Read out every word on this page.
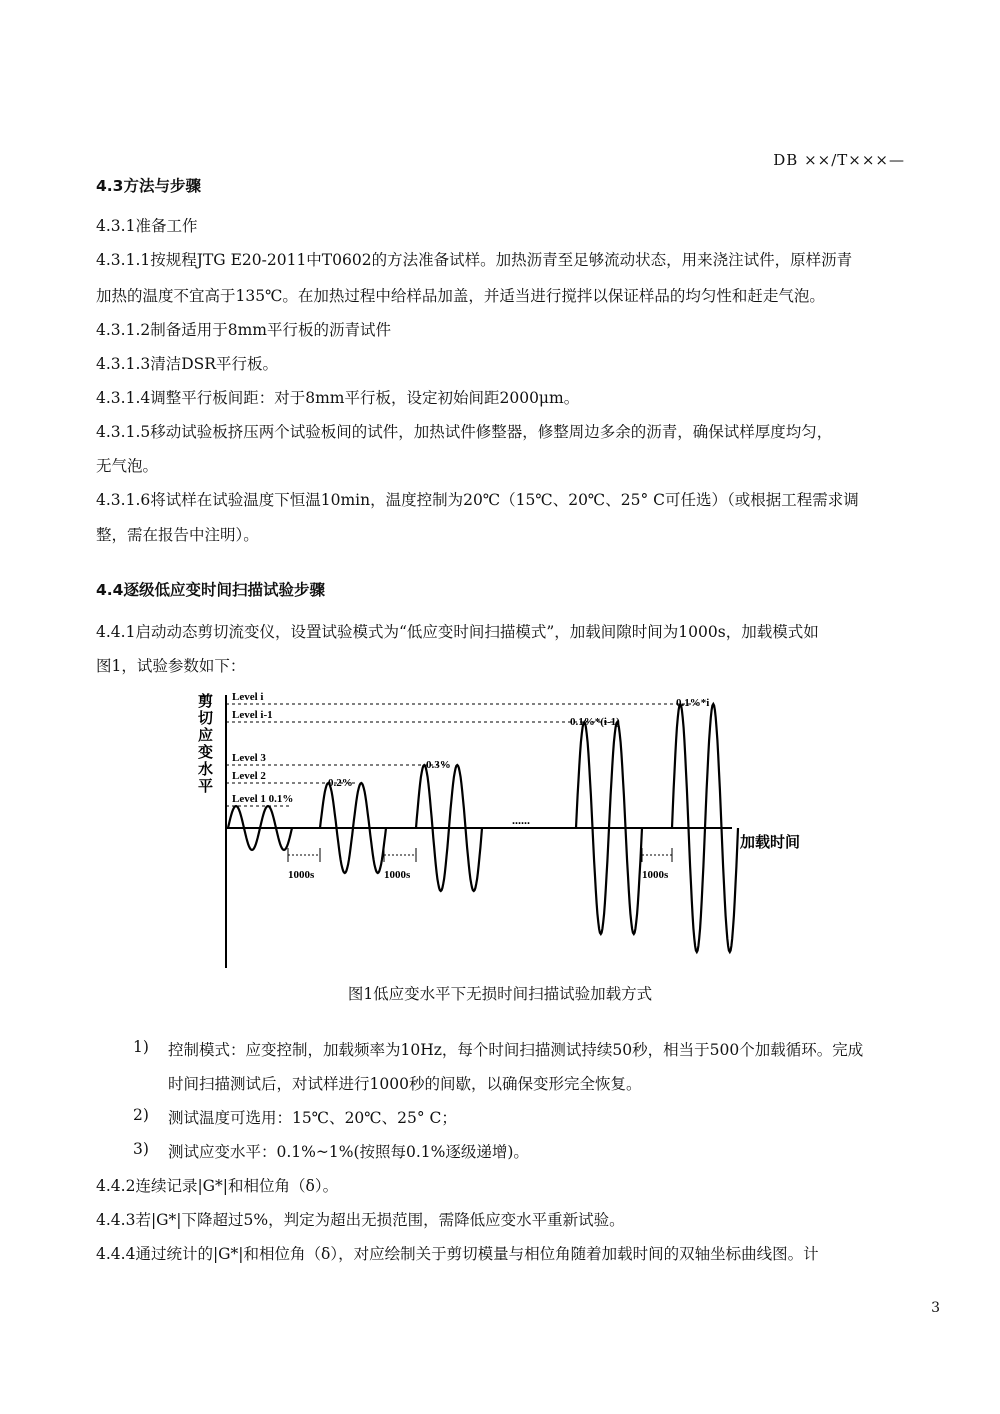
DB ××/T×××—
4.3方法与步骤
4.3.1准备工作
4.3.1.1按规程JTG E20-2011中T0602的方法准备试样。加热沥青至足够流动状态，用来浇注试件，原样沥青
加热的温度不宜高于135℃。在加热过程中给样品加盖，并适当进行搅拌以保证样品的均匀性和赶走气泡。
4.3.1.2制备适用于8mm平行板的沥青试件
4.3.1.3清洁DSR平行板。
4.3.1.4调整平行板间距：对于8mm平行板，设定初始间距2000μm。
4.3.1.5移动试验板挤压两个试验板间的试件，加热试件修整器，修整周边多余的沥青，确保试样厚度均匀，
无气泡。
4.3.1.6将试样在试验温度下恒温10min，温度控制为20℃（15℃、20℃、25° C可任选）（或根据工程需求调
整，需在报告中注明）。
4.4逐级低应变时间扫描试验步骤
4.4.1启动动态剪切流变仪，设置试验模式为“低应变时间扫描模式”，加载间隙时间为1000s，加载模式如
图1，试验参数如下：
剪
切
应
变
水
平
加载时间
Level i
Level i-1
Level 3
Level 2
Level 1 0.1%
0.2%
0.3%
0.1%*(i-1)
0.1%*i
1000s	1000s	1000s
......
图1低应变水平下无损时间扫描试验加载方式
1) 控制模式：应变控制，加载频率为10Hz，每个时间扫描测试持续50秒，相当于500个加载循环。完成
时间扫描测试后，对试样进行1000秒的间歇，以确保变形完全恢复。
2) 测试温度可选用：15℃、20℃、25° C；
3) 测试应变水平：0.1%~1%(按照每0.1%逐级递增)。
4.4.2连续记录|G*|和相位角（δ）。
4.4.3若|G*|下降超过5%，判定为超出无损范围，需降低应变水平重新试验。
4.4.4通过统计的|G*|和相位角（δ），对应绘制关于剪切模量与相位角随着加载时间的双轴坐标曲线图。计
3
